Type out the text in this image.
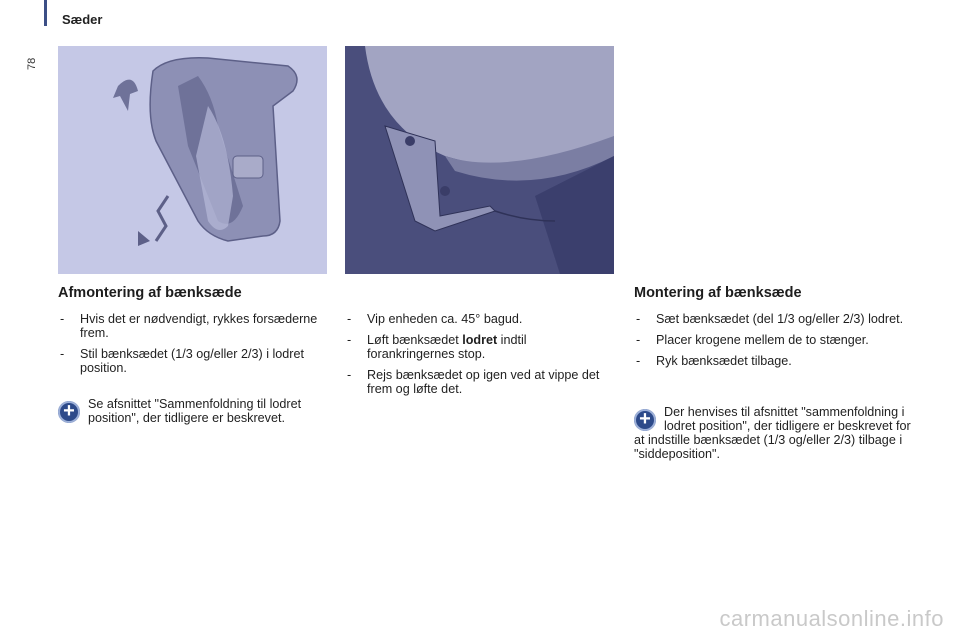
78
Sæder
Afmontering af bænksæde
- Hvis det er nødvendigt, rykkes forsæderne frem.
- Stil bænksædet (1/3 og/eller 2/3) i lodret position.
+	Se afsnittet "Sammenfoldning til lodret position", der tidligere er beskrevet.
- Vip enheden ca. 45° bagud.
- Løft bænksædet lodret indtil forankringernes stop.
- Rejs bænksædet op igen ved at vippe det frem og løfte det.
Montering af bænksæde
- Sæt bænksædet (del 1/3 og/eller 2/3) lodret.
- Placer krogene mellem de to stænger.
- Ryk bænksædet tilbage.
+	Der henvises til afsnittet "sammenfoldning i lodret position", der tidligere er beskrevet for at indstille bænksædet (1/3 og/eller 2/3) tilbage i "siddeposition".
carmanualsonline.info
